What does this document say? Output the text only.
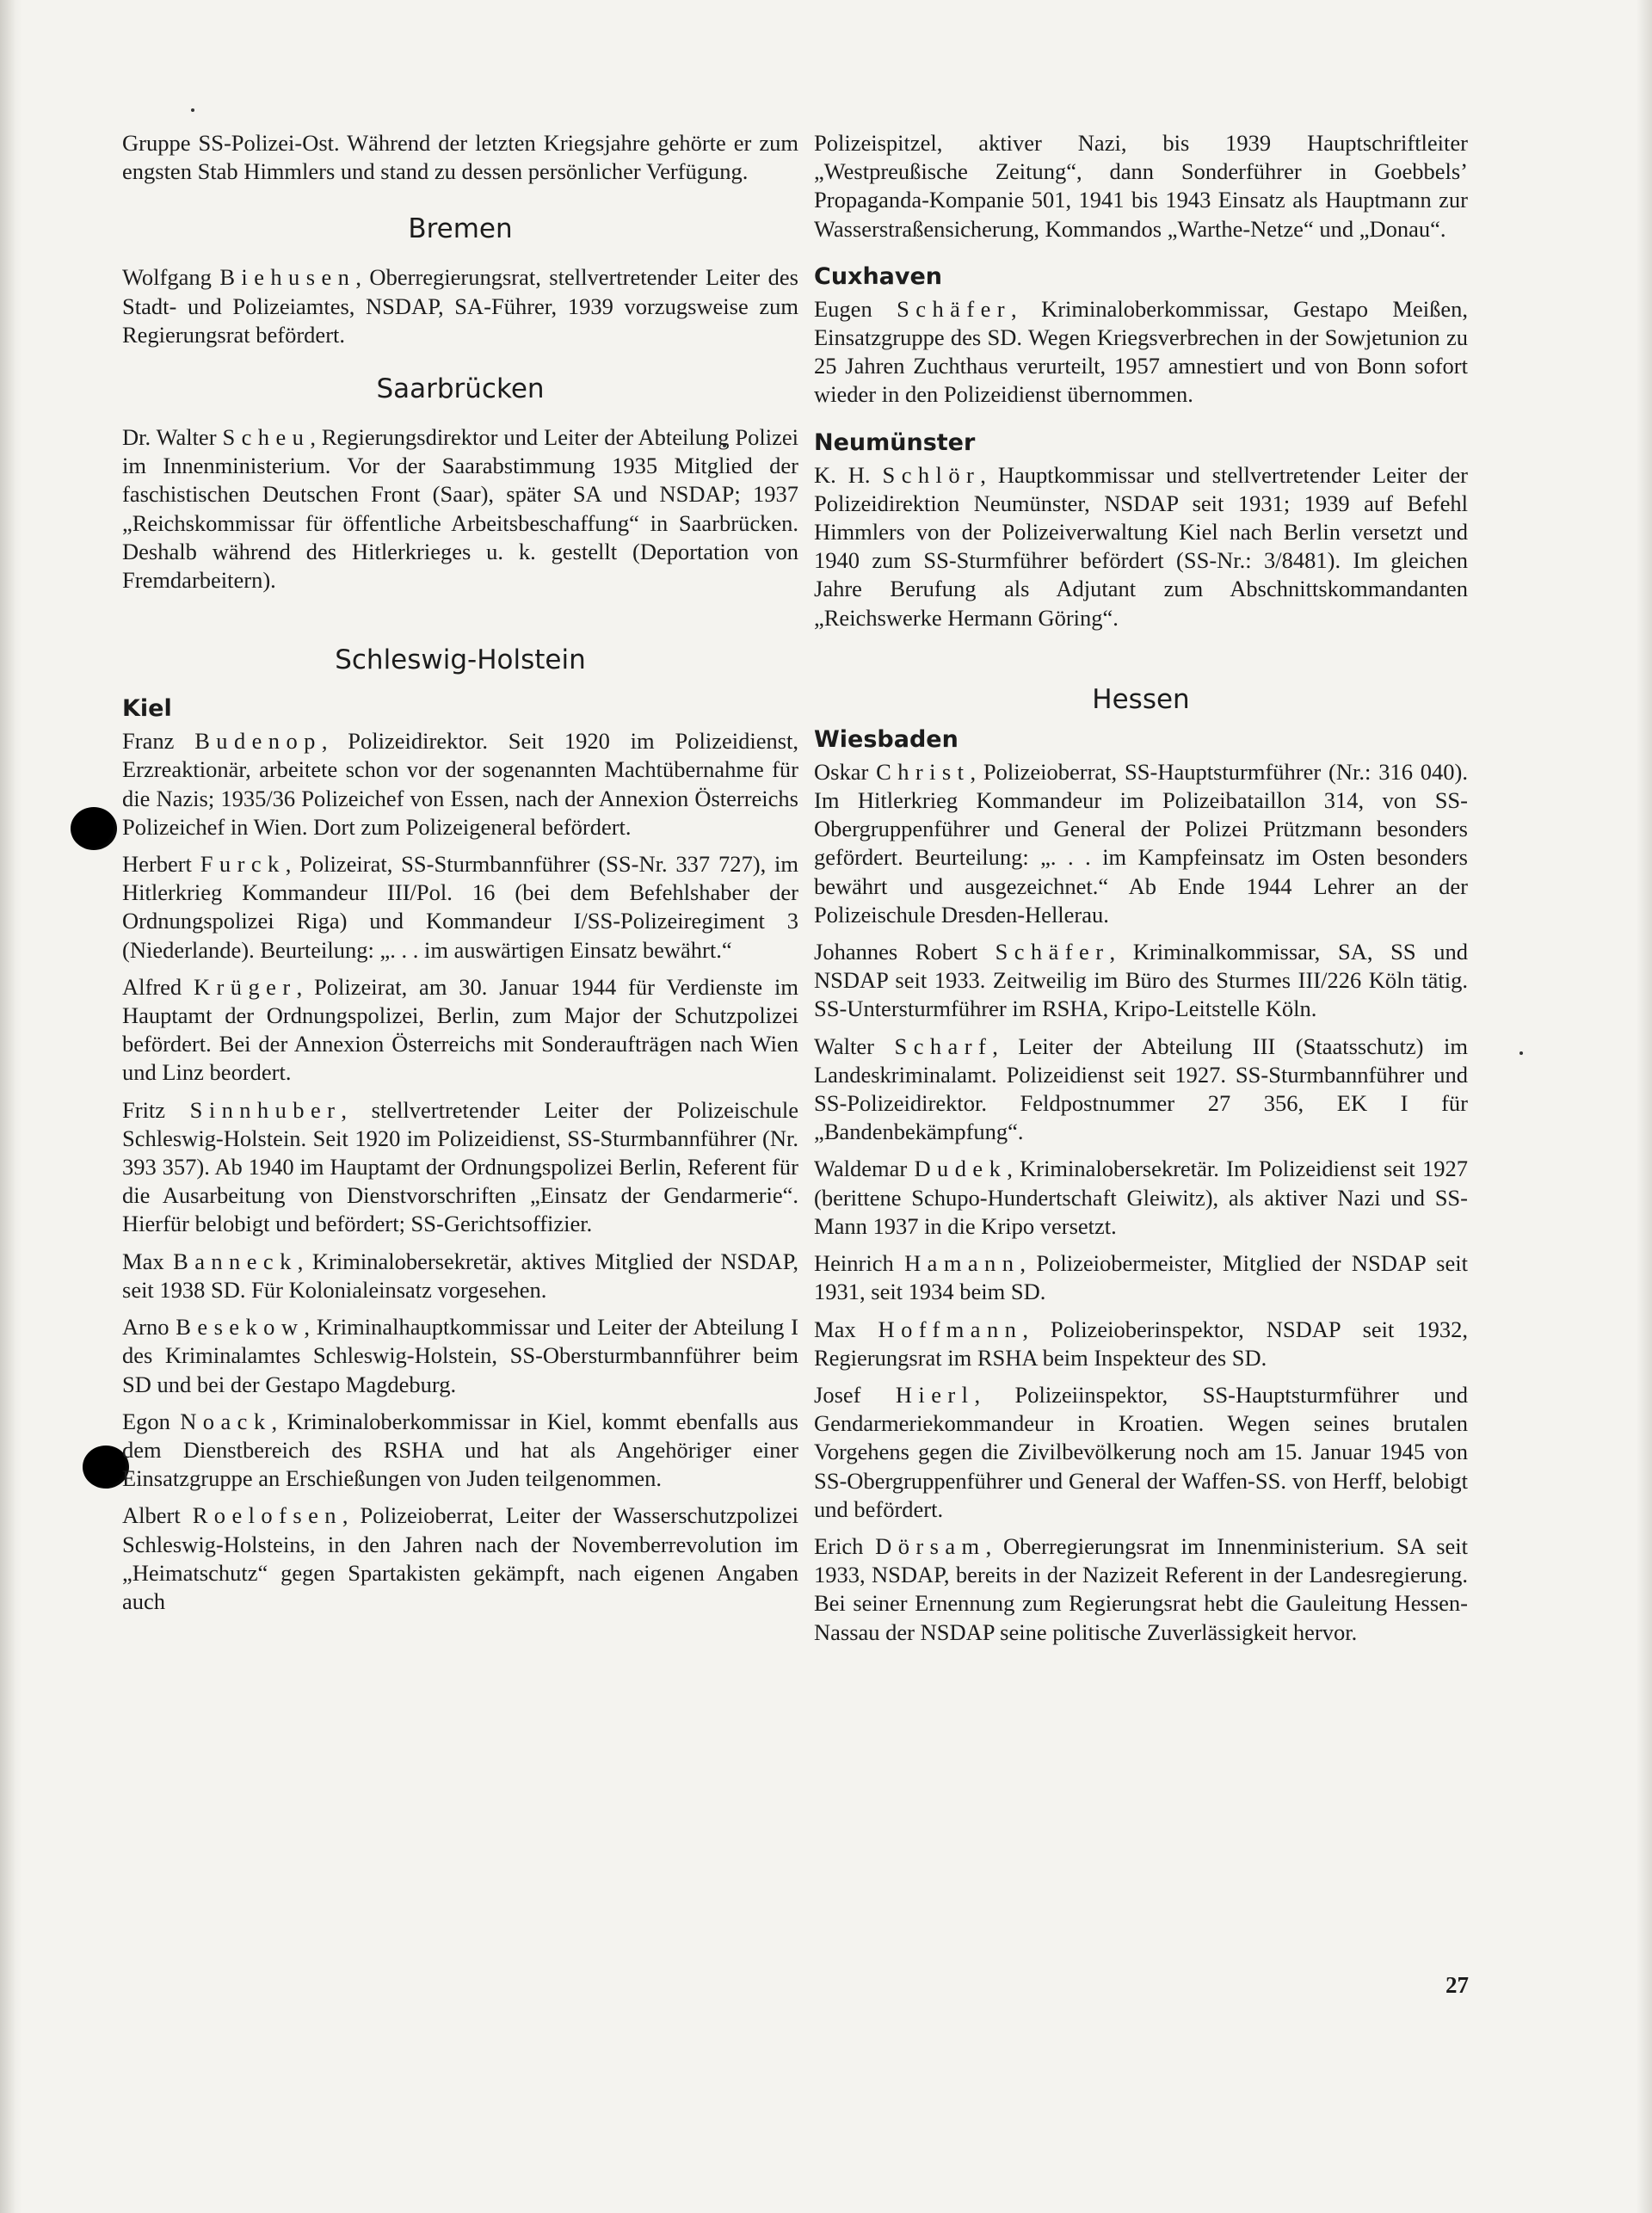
Gruppe SS-Polizei-Ost. Während der letzten Kriegsjahre gehörte er zum engsten Stab Himmlers und stand zu dessen persönlicher Verfügung.

Bremen

Wolfgang Biehusen, Oberregierungsrat, stellvertretender Leiter des Stadt- und Polizeiamtes, NSDAP, SA-Führer, 1939 vorzugsweise zum Regierungsrat befördert.

Saarbrücken

Dr. Walter Scheu, Regierungsdirektor und Leiter der Abteilung Polizei im Innenministerium. Vor der Saarabstimmung 1935 Mitglied der faschistischen Deutschen Front (Saar), später SA und NSDAP; 1937 „Reichskommissar für öffentliche Arbeitsbeschaffung“ in Saarbrücken. Deshalb während des Hitlerkrieges u. k. gestellt (Deportation von Fremdarbeitern).

Schleswig-Holstein
Kiel

Franz Budenop, Polizeidirektor. Seit 1920 im Polizeidienst, Erzreaktionär, arbeitete schon vor der sogenannten Machtübernahme für die Nazis; 1935/36 Polizeichef von Essen, nach der Annexion Österreichs Polizeichef in Wien. Dort zum Polizeigeneral befördert.

Herbert Furck, Polizeirat, SS-Sturmbannführer (SS-Nr. 337 727), im Hitlerkrieg Kommandeur III/Pol. 16 (bei dem Befehlshaber der Ordnungspolizei Riga) und Kommandeur I/SS-Polizeiregiment 3 (Niederlande). Beurteilung: „. . . im auswärtigen Einsatz bewährt.“

Alfred Krüger, Polizeirat, am 30. Januar 1944 für Verdienste im Hauptamt der Ordnungspolizei, Berlin, zum Major der Schutzpolizei befördert. Bei der Annexion Österreichs mit Sonderaufträgen nach Wien und Linz beordert.

Fritz Sinnhuber, stellvertretender Leiter der Polizeischule Schleswig-Holstein. Seit 1920 im Polizeidienst, SS-Sturmbannführer (Nr. 393 357). Ab 1940 im Hauptamt der Ordnungspolizei Berlin, Referent für die Ausarbeitung von Dienstvorschriften „Einsatz der Gendarmerie“. Hierfür belobigt und befördert; SS-Gerichtsoffizier.

Max Banneck, Kriminalobersekretär, aktives Mitglied der NSDAP, seit 1938 SD. Für Kolonialeinsatz vorgesehen.

Arno Besekow, Kriminalhauptkommissar und Leiter der Abteilung I des Kriminalamtes Schleswig-Holstein, SS-Obersturmbannführer beim SD und bei der Gestapo Magdeburg.

Egon Noack, Kriminaloberkommissar in Kiel, kommt ebenfalls aus dem Dienstbereich des RSHA und hat als Angehöriger einer Einsatzgruppe an Erschießungen von Juden teilgenommen.

Albert Roelofsen, Polizeioberrat, Leiter der Wasserschutzpolizei Schleswig-Holsteins, in den Jahren nach der Novemberrevolution im „Heimatschutz“ gegen Spartakisten gekämpft, nach eigenen Angaben auch

Polizeispitzel, aktiver Nazi, bis 1939 Hauptschriftleiter „Westpreußische Zeitung“, dann Sonderführer in Goebbels’ Propaganda-Kompanie 501, 1941 bis 1943 Einsatz als Hauptmann zur Wasserstraßensicherung, Kommandos „Warthe-Netze“ und „Donau“.

Cuxhaven

Eugen Schäfer, Kriminaloberkommissar, Gestapo Meißen, Einsatzgruppe des SD. Wegen Kriegsverbrechen in der Sowjetunion zu 25 Jahren Zuchthaus verurteilt, 1957 amnestiert und von Bonn sofort wieder in den Polizeidienst übernommen.

Neumünster

K. H. Schlör, Hauptkommissar und stellvertretender Leiter der Polizeidirektion Neumünster, NSDAP seit 1931; 1939 auf Befehl Himmlers von der Polizeiverwaltung Kiel nach Berlin versetzt und 1940 zum SS-Sturmführer befördert (SS-Nr.: 3/8481). Im gleichen Jahre Berufung als Adjutant zum Abschnittskommandanten „Reichswerke Hermann Göring“.

Hessen
Wiesbaden

Oskar Christ, Polizeioberrat, SS-Hauptsturmführer (Nr.: 316 040). Im Hitlerkrieg Kommandeur im Polizeibataillon 314, von SS-Obergruppenführer und General der Polizei Prützmann besonders gefördert. Beurteilung: „. . . im Kampfeinsatz im Osten besonders bewährt und ausgezeichnet.“ Ab Ende 1944 Lehrer an der Polizeischule Dresden-Hellerau.

Johannes Robert Schäfer, Kriminalkommissar, SA, SS und NSDAP seit 1933. Zeitweilig im Büro des Sturmes III/226 Köln tätig. SS-Untersturmführer im RSHA, Kripo-Leitstelle Köln.

Walter Scharf, Leiter der Abteilung III (Staatsschutz) im Landeskriminalamt. Polizeidienst seit 1927. SS-Sturmbannführer und SS-Polizeidirektor. Feldpostnummer 27 356, EK I für „Bandenbekämpfung“.

Waldemar Dudek, Kriminalobersekretär. Im Polizeidienst seit 1927 (berittene Schupo-Hundertschaft Gleiwitz), als aktiver Nazi und SS-Mann 1937 in die Kripo versetzt.

Heinrich Hamann, Polizeiobermeister, Mitglied der NSDAP seit 1931, seit 1934 beim SD.

Max Hoffmann, Polizeioberinspektor, NSDAP seit 1932, Regierungsrat im RSHA beim Inspekteur des SD.

Josef Hierl, Polizeiinspektor, SS-Hauptsturmführer und Gendarmeriekommandeur in Kroatien. Wegen seines brutalen Vorgehens gegen die Zivilbevölkerung noch am 15. Januar 1945 von SS-Obergruppenführer und General der Waffen-SS. von Herff, belobigt und befördert.

Erich Dörsam, Oberregierungsrat im Innenministerium. SA seit 1933, NSDAP, bereits in der Nazizeit Referent in der Landesregierung. Bei seiner Ernennung zum Regierungsrat hebt die Gauleitung Hessen-Nassau der NSDAP seine politische Zuverlässigkeit hervor.

27
